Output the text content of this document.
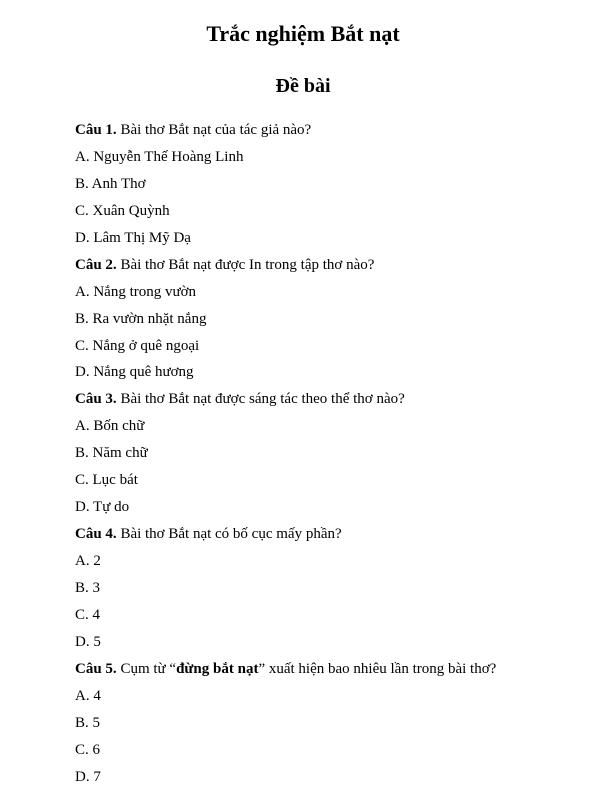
Trắc nghiệm Bắt nạt
Đề bài
Câu 1. Bài thơ Bắt nạt của tác giả nào?
A. Nguyễn Thế Hoàng Linh
B. Anh Thơ
C. Xuân Quỳnh
D. Lâm Thị Mỹ Dạ
Câu 2. Bài thơ Bắt nạt được In trong tập thơ nào?
A. Nắng trong vườn
B. Ra vườn nhặt nắng
C. Nắng ở quê ngoại
D. Nắng quê hương
Câu 3. Bài thơ Bắt nạt được sáng tác theo thể thơ nào?
A. Bốn chữ
B. Năm chữ
C. Lục bát
D. Tự do
Câu 4. Bài thơ Bắt nạt có bố cục mấy phần?
A. 2
B. 3
C. 4
D. 5
Câu 5. Cụm từ “đừng bắt nạt” xuất hiện bao nhiêu lần trong bài thơ?
A. 4
B. 5
C. 6
D. 7
